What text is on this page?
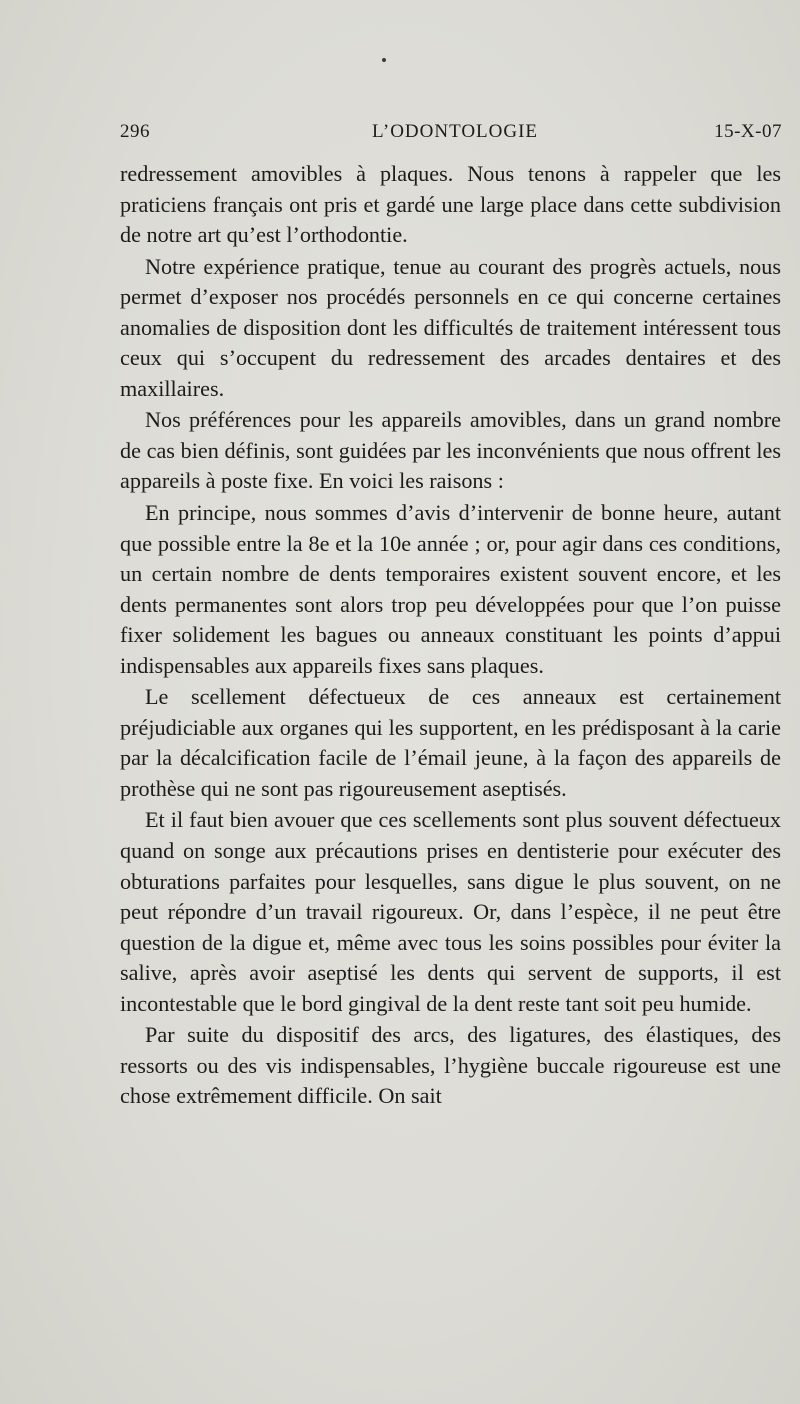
296	L’ODONTOLOGIE	15-X-07

redressement amovibles à plaques. Nous tenons à rappeler que les praticiens français ont pris et gardé une large place dans cette subdivision de notre art qu’est l’orthodontie.

Notre expérience pratique, tenue au courant des progrès actuels, nous permet d’exposer nos procédés personnels en ce qui concerne certaines anomalies de disposition dont les difficultés de traitement intéressent tous ceux qui s’occupent du redressement des arcades dentaires et des maxillaires.

Nos préférences pour les appareils amovibles, dans un grand nombre de cas bien définis, sont guidées par les inconvénients que nous offrent les appareils à poste fixe. En voici les raisons :

En principe, nous sommes d’avis d’intervenir de bonne heure, autant que possible entre la 8e et la 10e année ; or, pour agir dans ces conditions, un certain nombre de dents temporaires existent souvent encore, et les dents permanentes sont alors trop peu développées pour que l’on puisse fixer solidement les bagues ou anneaux constituant les points d’appui indispensables aux appareils fixes sans plaques.

Le scellement défectueux de ces anneaux est certainement préjudiciable aux organes qui les supportent, en les prédisposant à la carie par la décalcification facile de l’émail jeune, à la façon des appareils de prothèse qui ne sont pas rigoureusement aseptisés.

Et il faut bien avouer que ces scellements sont plus souvent défectueux quand on songe aux précautions prises en dentisterie pour exécuter des obturations parfaites pour lesquelles, sans digue le plus souvent, on ne peut répondre d’un travail rigoureux. Or, dans l’espèce, il ne peut être question de la digue et, même avec tous les soins possibles pour éviter la salive, après avoir aseptisé les dents qui servent de supports, il est incontestable que le bord gingival de la dent reste tant soit peu humide.

Par suite du dispositif des arcs, des ligatures, des élastiques, des ressorts ou des vis indispensables, l’hygiène buccale rigoureuse est une chose extrêmement difficile. On sait
